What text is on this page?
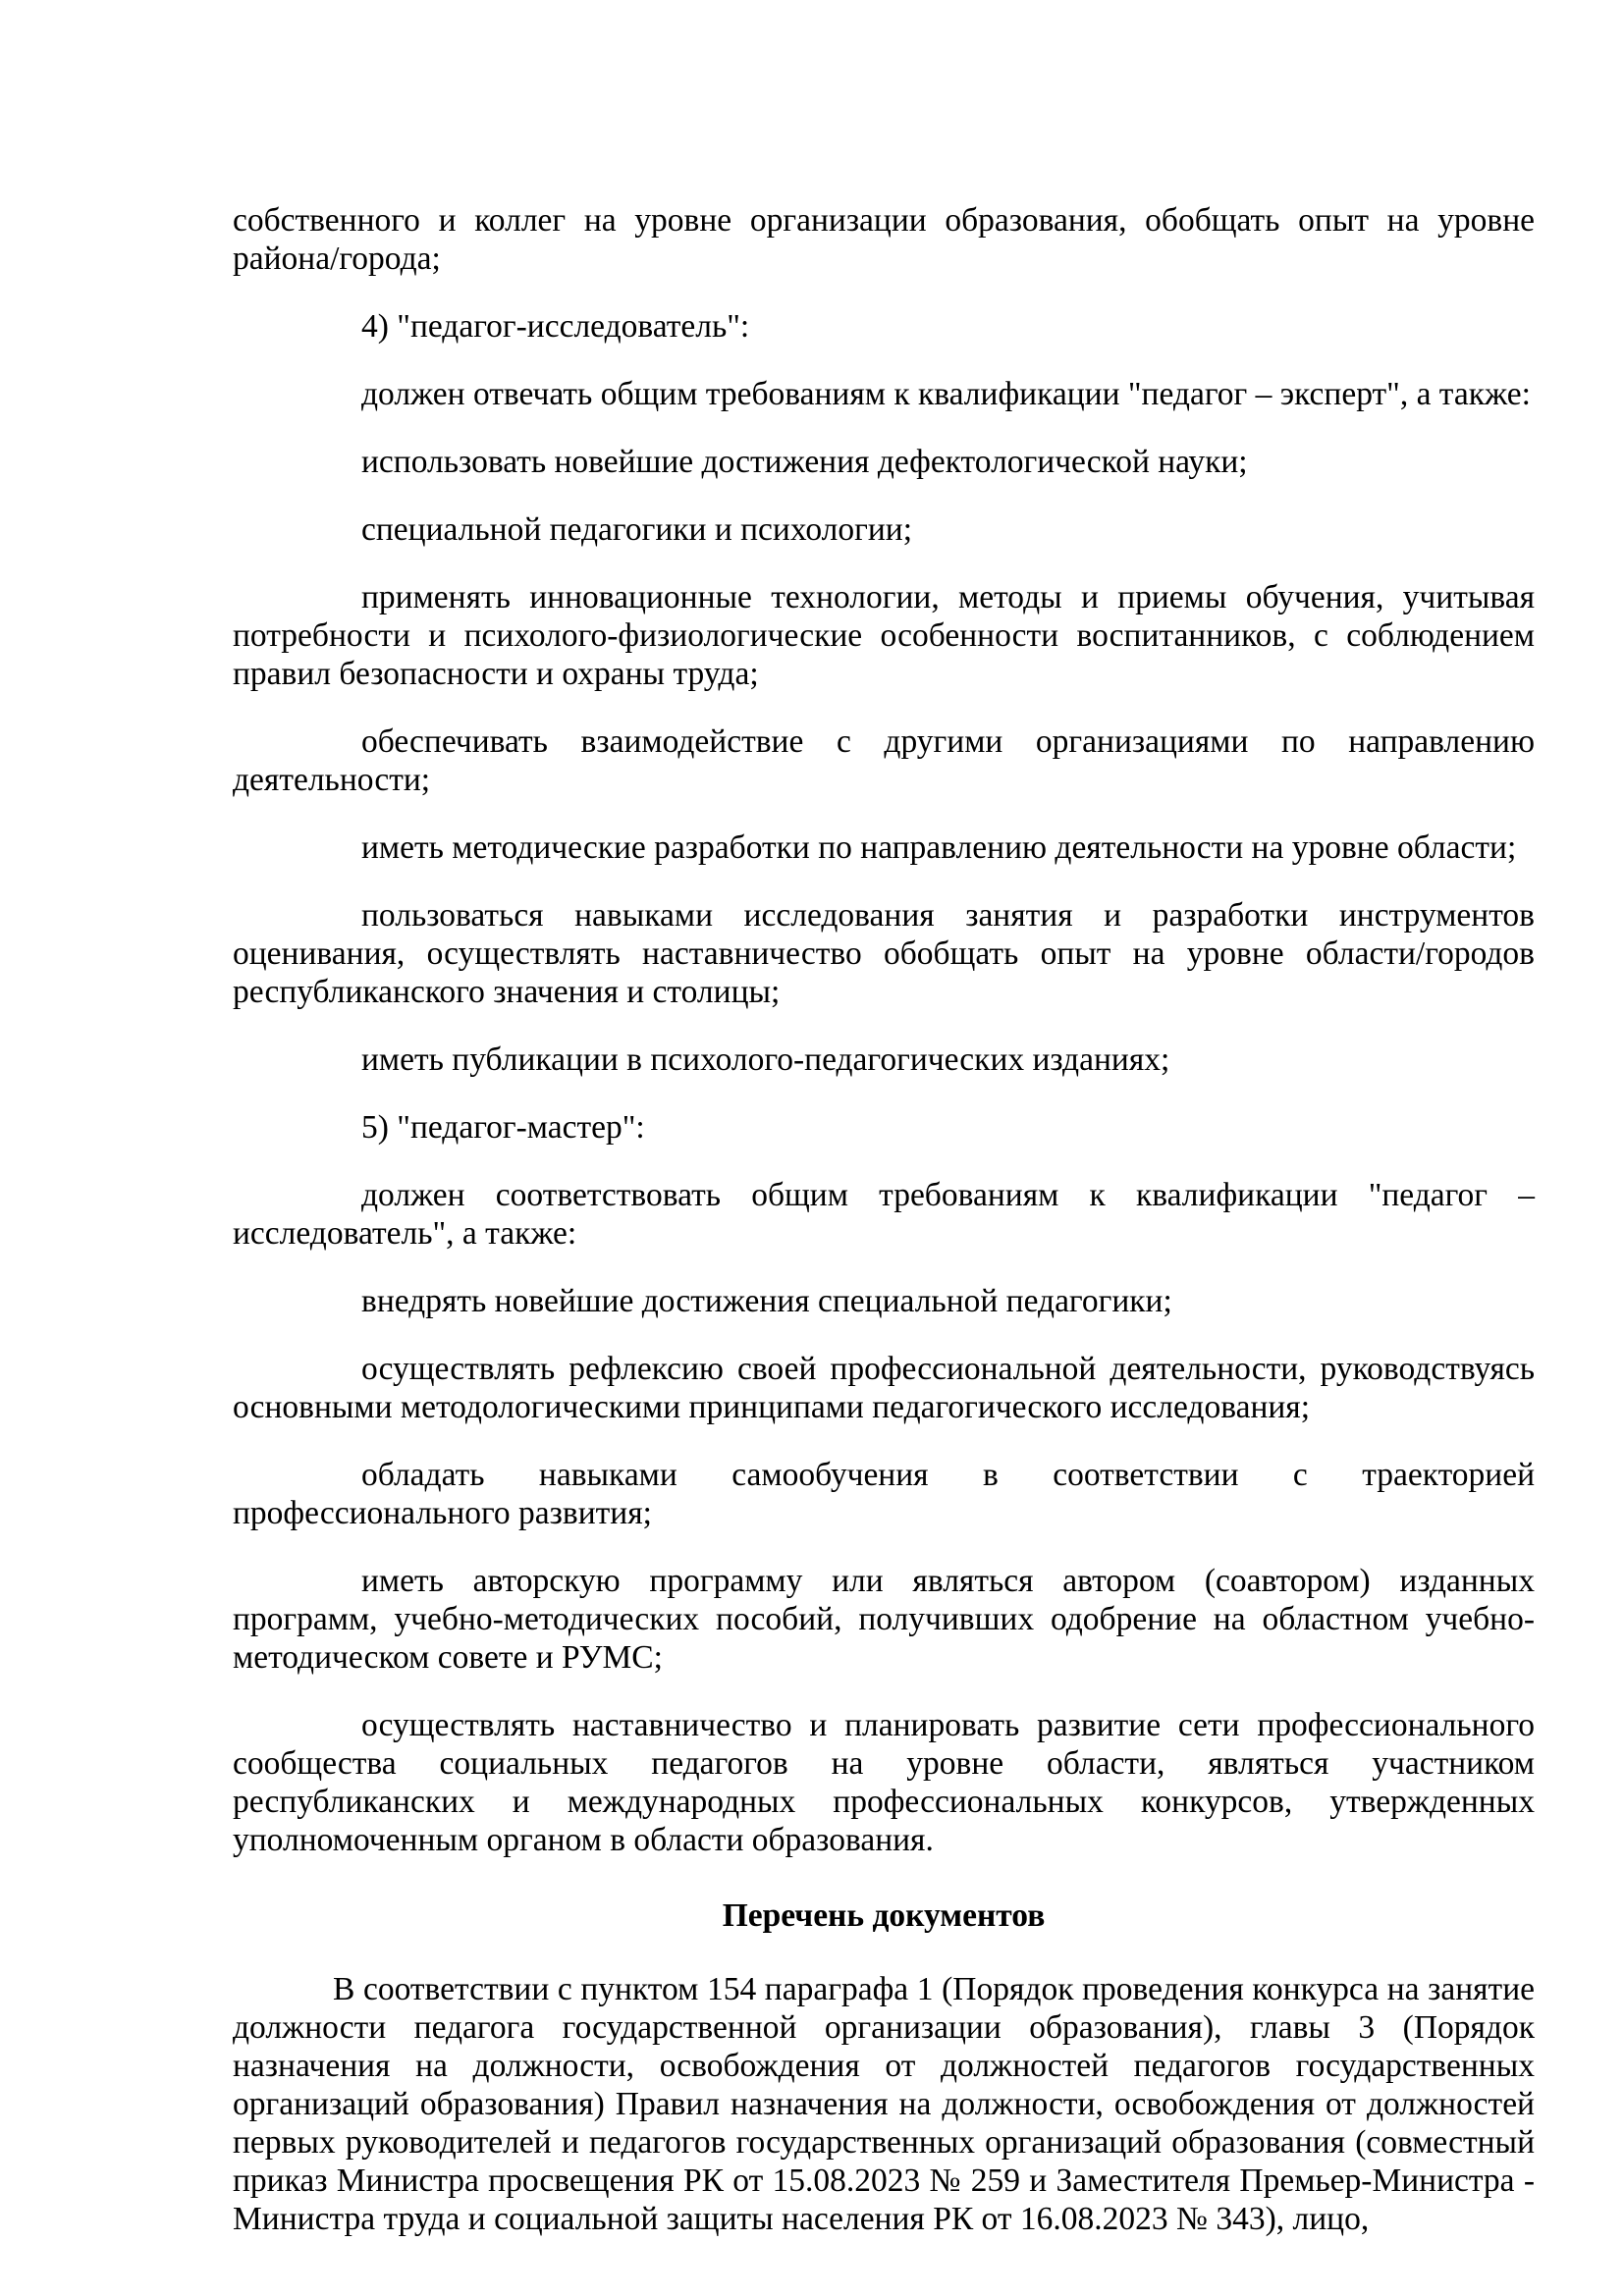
собственного и коллег на уровне организации образования, обобщать опыт на уровне района/города;

4) "педагог-исследователь":

должен отвечать общим требованиям к квалификации "педагог – эксперт", а также:

использовать новейшие достижения дефектологической науки;

специальной педагогики и психологии;

применять инновационные технологии, методы и приемы обучения, учитывая потребности и психолого-физиологические особенности воспитанников, с соблюдением правил безопасности и охраны труда;

обеспечивать взаимодействие с другими организациями по направлению деятельности;

иметь методические разработки по направлению деятельности на уровне области;

пользоваться навыками исследования занятия и разработки инструментов оценивания, осуществлять наставничество обобщать опыт на уровне области/городов республиканского значения и столицы;

иметь публикации в психолого-педагогических изданиях;

5) "педагог-мастер":

должен соответствовать общим требованиям к квалификации "педагог – исследователь", а также:

внедрять новейшие достижения специальной педагогики;

осуществлять рефлексию своей профессиональной деятельности, руководствуясь основными методологическими принципами педагогического исследования;

обладать навыками самообучения в соответствии с траекторией профессионального развития;

иметь авторскую программу или являться автором (соавтором) изданных программ, учебно-методических пособий, получивших одобрение на областном учебно-методическом совете и РУМС;

осуществлять наставничество и планировать развитие сети профессионального сообщества социальных педагогов на уровне области, являться участником республиканских и международных профессиональных конкурсов, утвержденных уполномоченным органом в области образования.

Перечень документов

В соответствии с пунктом 154 параграфа 1 (Порядок проведения конкурса на занятие должности педагога государственной организации образования), главы 3 (Порядок назначения на должности, освобождения от должностей педагогов государственных организаций образования) Правил назначения на должности, освобождения от должностей первых руководителей и педагогов государственных организаций образования (совместный приказ Министра просвещения РК от 15.08.2023 № 259 и Заместителя Премьер-Министра - Министра труда и социальной защиты населения РК от 16.08.2023 № 343), лицо,
